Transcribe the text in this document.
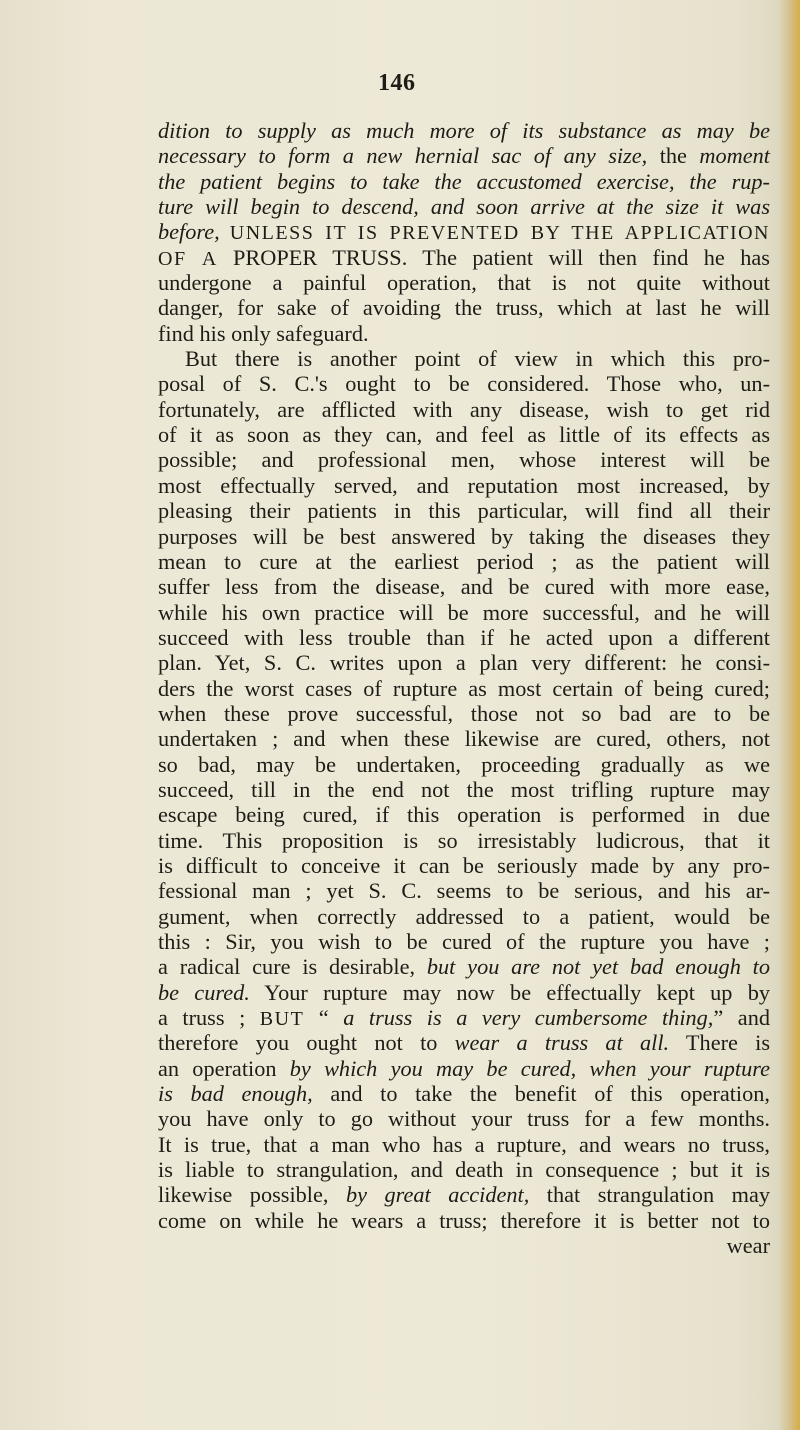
146
dition to supply as much more of its substance as may be
necessary to form a new hernial sac of any size, the moment
the patient begins to take the accustomed exercise, the rup-
ture will begin to descend, and soon arrive at the size it was
before, UNLESS IT IS PREVENTED BY THE APPLICATION
OF A PROPER TRUSS. The patient will then find he has
undergone a painful operation, that is not quite without
danger, for sake of avoiding the truss, which at last he will
find his only safeguard.
But there is another point of view in which this pro-
posal of S. C.'s ought to be considered. Those who, un-
fortunately, are afflicted with any disease, wish to get rid
of it as soon as they can, and feel as little of its effects as
possible; and professional men, whose interest will be
most effectually served, and reputation most increased, by
pleasing their patients in this particular, will find all their
purposes will be best answered by taking the diseases they
mean to cure at the earliest period ; as the patient will
suffer less from the disease, and be cured with more ease,
while his own practice will be more successful, and he will
succeed with less trouble than if he acted upon a different
plan. Yet, S. C. writes upon a plan very different: he consi-
ders the worst cases of rupture as most certain of being cured;
when these prove successful, those not so bad are to be
undertaken ; and when these likewise are cured, others, not
so bad, may be undertaken, proceeding gradually as we
succeed, till in the end not the most trifling rupture may
escape being cured, if this operation is performed in due
time. This proposition is so irresistably ludicrous, that it
is difficult to conceive it can be seriously made by any pro-
fessional man ; yet S. C. seems to be serious, and his ar-
gument, when correctly addressed to a patient, would be
this : Sir, you wish to be cured of the rupture you have ;
a radical cure is desirable, but you are not yet bad enough to
be cured. Your rupture may now be effectually kept up by
a truss ; BUT “ a truss is a very cumbersome thing,” and
therefore you ought not to wear a truss at all. There is
an operation by which you may be cured, when your rupture
is bad enough, and to take the benefit of this operation,
you have only to go without your truss for a few months.
It is true, that a man who has a rupture, and wears no truss,
is liable to strangulation, and death in consequence ; but it is
likewise possible, by great accident, that strangulation may
come on while he wears a truss; therefore it is better not to
wear
